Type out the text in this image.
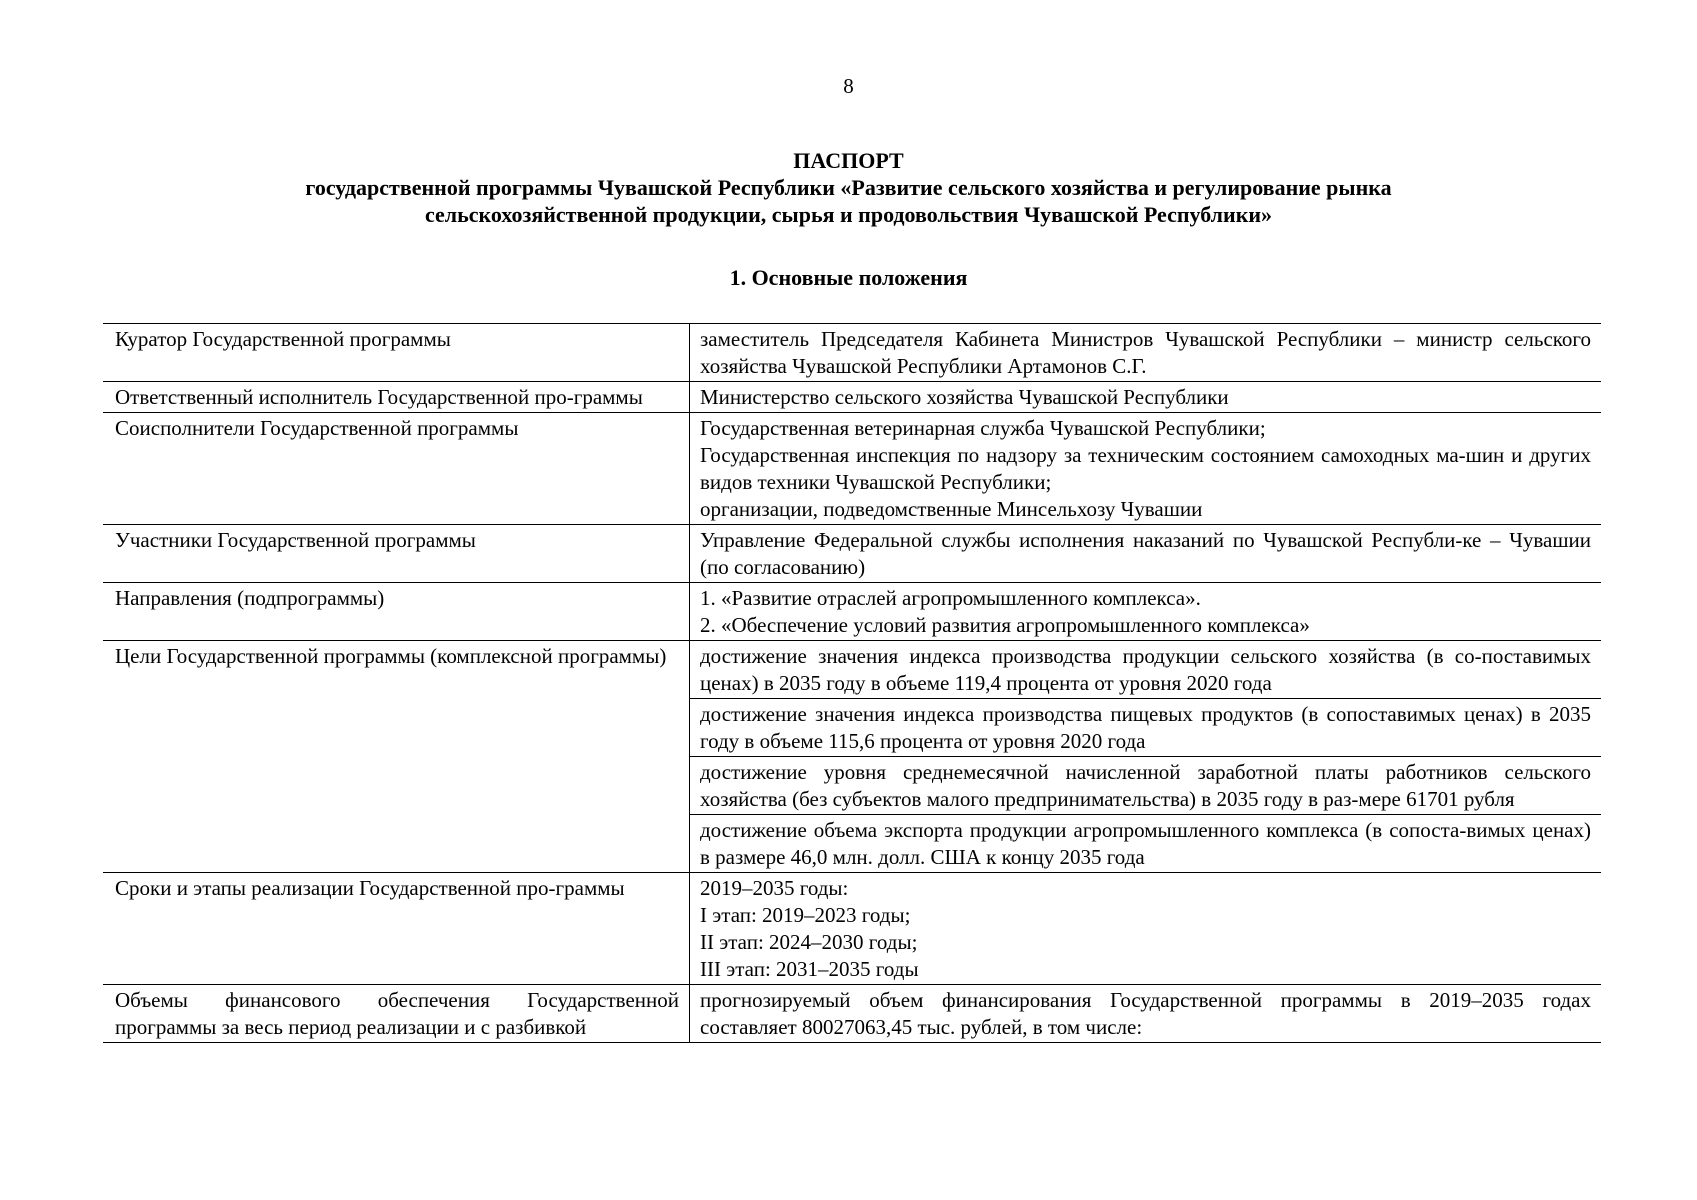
8
ПАСПОРТ
государственной программы Чувашской Республики «Развитие сельского хозяйства и регулирование рынка
сельскохозяйственной продукции, сырья и продовольствия Чувашской Республики»
1. Основные положения
Куратор Государственной программы	заместитель Председателя Кабинета Министров Чувашской Республики – министр сельского хозяйства Чувашской Республики Артамонов С.Г.
Ответственный исполнитель Государственной про-граммы	Министерство сельского хозяйства Чувашской Республики
Соисполнители Государственной программы	Государственная ветеринарная служба Чувашской Республики;
Государственная инспекция по надзору за техническим состоянием самоходных ма-шин и других видов техники Чувашской Республики;
организации, подведомственные Минсельхозу Чувашии

Участники Государственной программы	Управление Федеральной службы исполнения наказаний по Чувашской Республи-ке – Чувашии (по согласованию)
Направления (подпрограммы)	1. «Развитие отраслей агропромышленного комплекса».
2. «Обеспечение условий развития агропромышленного комплекса»

Цели Государственной программы (комплексной программы)	достижение значения индекса производства продукции сельского хозяйства (в со-поставимых ценах) в 2035 году в объеме 119,4 процента от уровня 2020 года
	достижение значения индекса производства пищевых продуктов (в сопоставимых ценах) в 2035 году в объеме 115,6 процента от уровня 2020 года
	достижение уровня среднемесячной начисленной заработной платы работников сельского хозяйства (без субъектов малого предпринимательства) в 2035 году в раз-мере 61701 рубля
	достижение объема экспорта продукции агропромышленного комплекса (в сопоста-вимых ценах) в размере 46,0 млн. долл. США к концу 2035 года
Сроки и этапы реализации Государственной про-граммы	2019–2035 годы:
I этап: 2019–2023 годы;
II этап: 2024–2030 годы;
III этап: 2031–2035 годы

Объемы финансового обеспечения Государственной программы за весь период реализации и с разбивкой	прогнозируемый объем финансирования Государственной программы в 2019–2035 годах составляет 80027063,45 тыс. рублей, в том числе:
